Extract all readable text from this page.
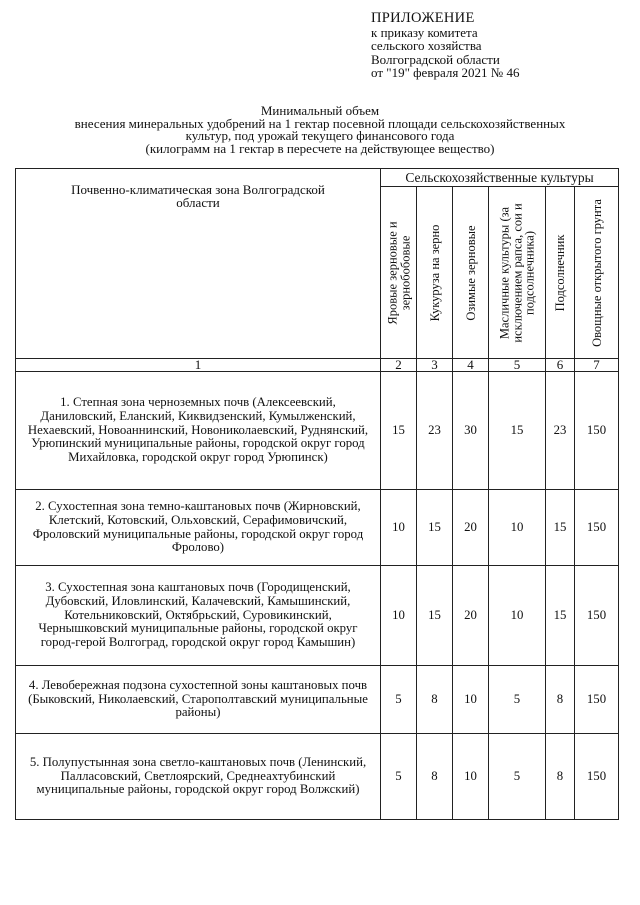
ПРИЛОЖЕНИЕ
к приказу комитета
сельского хозяйства
Волгоградской области
от "19" февраля 2021 № 46
Минимальный объем
внесения минеральных удобрений на 1 гектар посевной площади сельскохозяйственных
культур, под урожай текущего финансового года
(килограмм на 1 гектар в пересчете на действующее вещество)
Почвенно-климатическая зона Волгоградской области	Сельскохозяйственные культуры					

	Яровые зерновые и зернобобовые	Кукуруза на зерно	Озимые зерновые	Масличные культуры (за исключением рапса, сои и подсолнечника)	Подсолнечник	Овощные открытого грунта

1	2	3	4	5	6	7
1. Степная зона черноземных почв (Алексеевский, Даниловский, Еланский, Киквидзенский, Кумылженский, Нехаевский, Новоаннинский, Новониколаевский, Руднянский, Урюпинский муниципальные районы, городской округ город Михайловка, городской округ город Урюпинск)	15	23	30	15	23	150
2. Сухостепная зона темно-каштановых почв (Жирновский, Клетский, Котовский, Ольховский, Серафимовичский, Фроловский муниципальные районы, городской округ город Фролово)	10	15	20	10	15	150
3. Сухостепная зона каштановых почв (Городищенский, Дубовский, Иловлинский, Калачевский, Камышинский, Котельниковский, Октябрьский, Суровикинский, Чернышковский муниципальные районы, городской округ город-герой Волгоград, городской округ город Камышин)	10	15	20	10	15	150
4. Левобережная подзона сухостепной зоны каштановых почв (Быковский, Николаевский, Старополтавский муниципальные районы)	5	8	10	5	8	150
5. Полупустынная зона светло-каштановых почв (Ленинский, Палласовский, Светлоярский, Среднеахтубинский муниципальные районы, городской округ город Волжский)	5	8	10	5	8	150
